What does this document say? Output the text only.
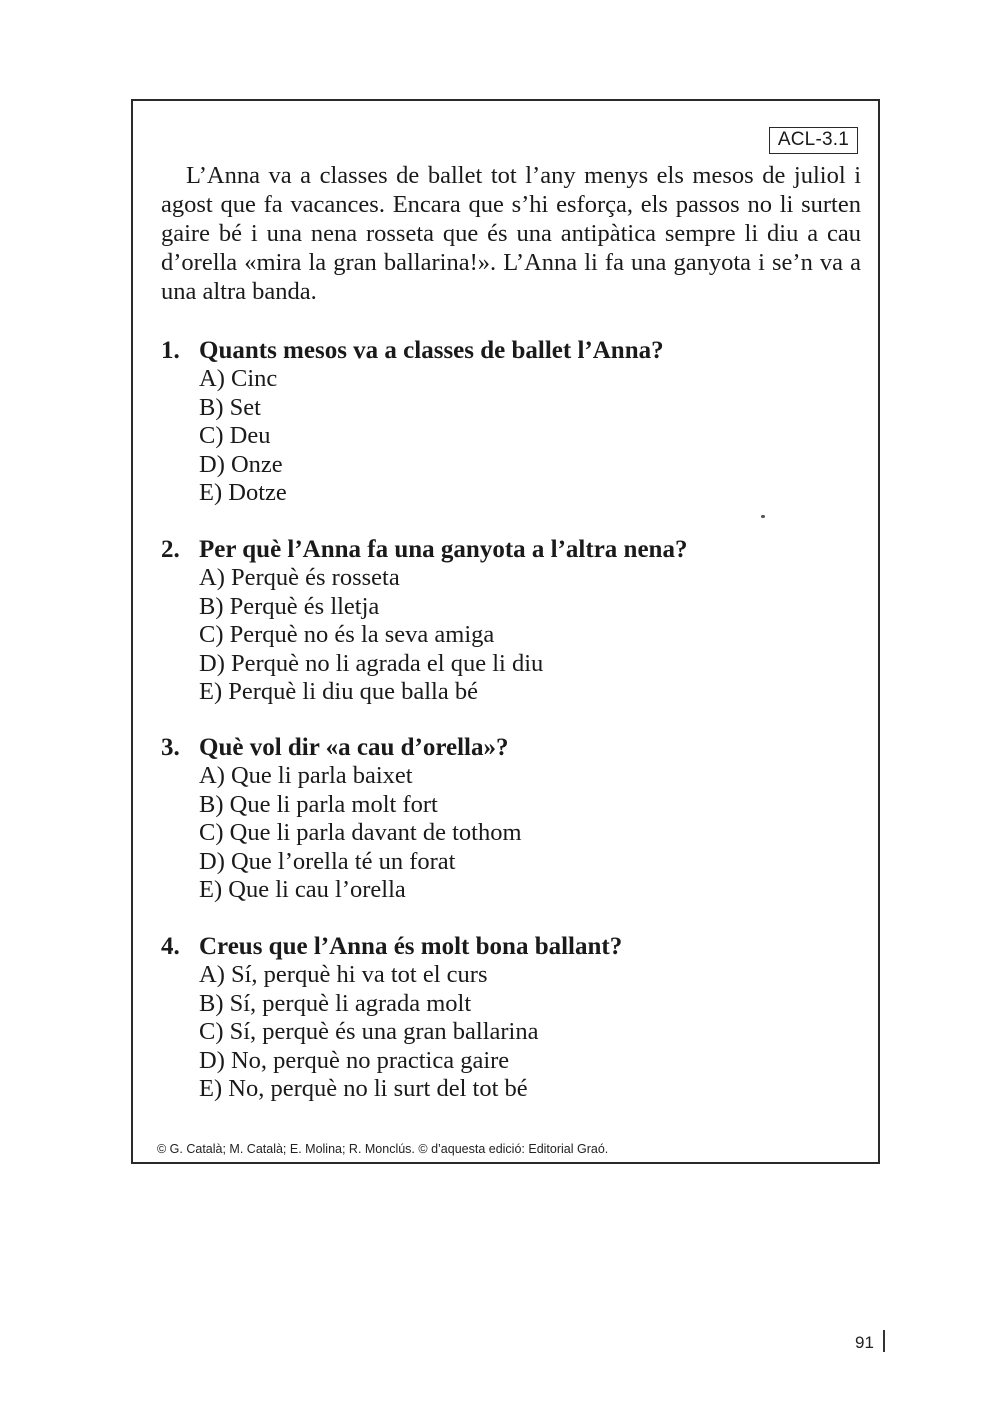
ACL-3.1

L’Anna va a classes de ballet tot l’any menys els mesos de juliol i agost que fa vacances. Encara que s’hi esforça, els passos no li surten gaire bé i una nena rosseta que és una antipàtica sempre li diu a cau d’orella «mira la gran ballarina!». L’Anna li fa una ganyota i se’n va a una altra banda.

1. Quants mesos va a classes de ballet l’Anna?
A) Cinc
B) Set
C) Deu
D) Onze
E) Dotze
2. Per què l’Anna fa una ganyota a l’altra nena?
A) Perquè és rosseta
B) Perquè és lletja
C) Perquè no és la seva amiga
D) Perquè no li agrada el que li diu
E) Perquè li diu que balla bé
3. Què vol dir «a cau d’orella»?
A) Que li parla baixet
B) Que li parla molt fort
C) Que li parla davant de tothom
D) Que l’orella té un forat
E) Que li cau l’orella
4. Creus que l’Anna és molt bona ballant?
A) Sí, perquè hi va tot el curs
B) Sí, perquè li agrada molt
C) Sí, perquè és una gran ballarina
D) No, perquè no practica gaire
E) No, perquè no li surt del tot bé
© G. Català; M. Català; E. Molina; R. Monclús. © d’aquesta edició: Editorial Graó.
91
